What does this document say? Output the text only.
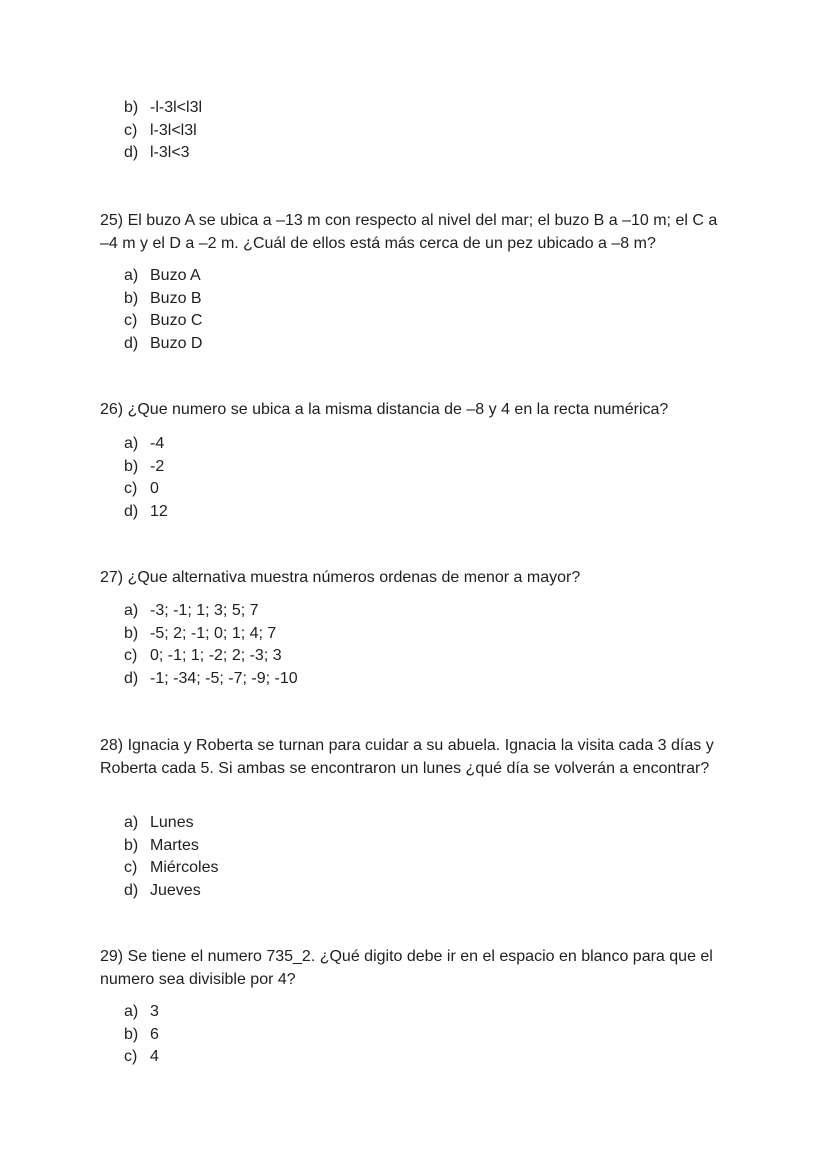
b) -l-3l<l3l
c) l-3l<l3l
d) l-3l<3

25) El buzo A se ubica a –13 m con respecto al nivel del mar; el buzo B a –10 m; el C a –4 m y el D a –2 m. ¿Cuál de ellos está más cerca de un pez ubicado a –8 m?

a) Buzo A
b) Buzo B
c) Buzo C
d) Buzo D

26) ¿Que numero se ubica a la misma distancia de –8 y 4 en la recta numérica?

a) -4
b) -2
c) 0
d) 12

27) ¿Que alternativa muestra números ordenas de menor a mayor?

a) -3; -1; 1; 3; 5; 7
b) -5; 2; -1; 0; 1; 4; 7
c) 0; -1; 1; -2; 2; -3; 3
d) -1; -34; -5; -7; -9; -10

28) Ignacia y Roberta se turnan para cuidar a su abuela. Ignacia la visita cada 3 días y Roberta cada 5. Si ambas se encontraron un lunes ¿qué día se volverán a encontrar?

a) Lunes
b) Martes
c) Miércoles
d) Jueves

29) Se tiene el numero 735_2. ¿Qué digito debe ir en el espacio en blanco para que el numero sea divisible por 4?

a) 3
b) 6
c) 4
